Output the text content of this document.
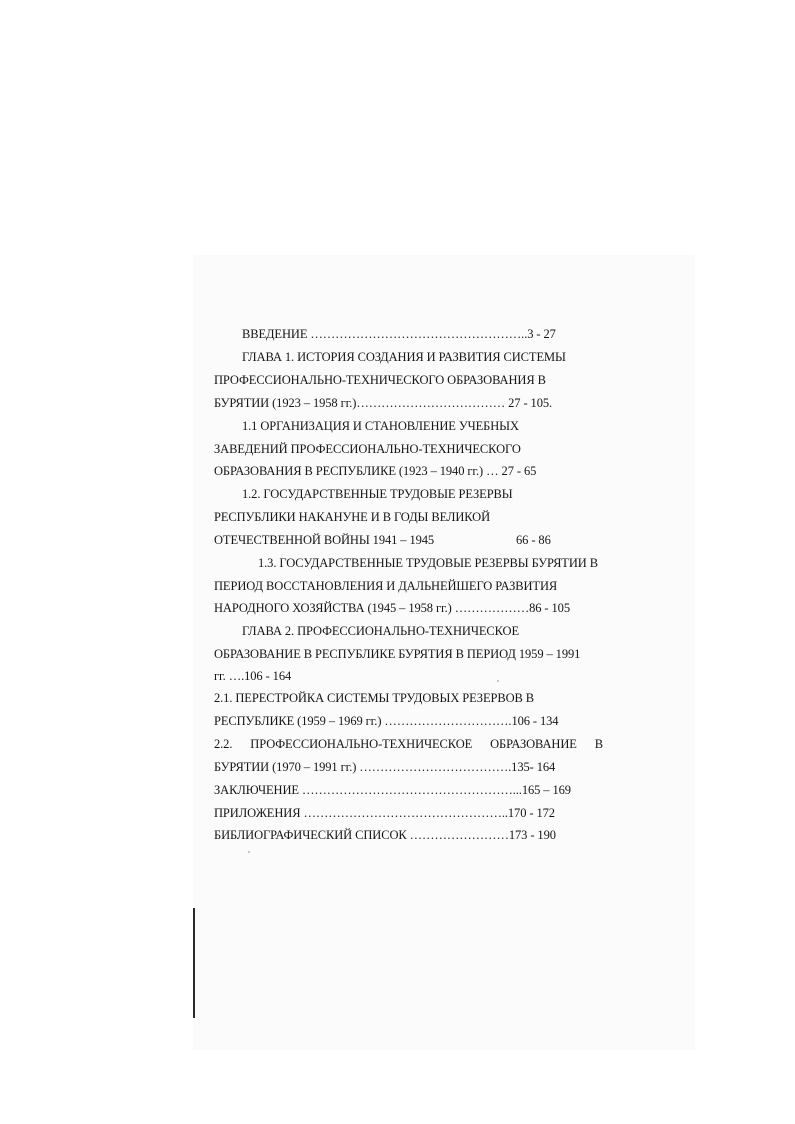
ВВЕДЕНИЕ ……………………………………………..3 - 27
ГЛАВА 1. ИСТОРИЯ СОЗДАНИЯ И РАЗВИТИЯ СИСТЕМЫ
ПРОФЕССИОНАЛЬНО-ТЕХНИЧЕСКОГО ОБРАЗОВАНИЯ В
БУРЯТИИ (1923 – 1958 гг.)……………………………… 27 - 105.
1.1 ОРГАНИЗАЦИЯ И СТАНОВЛЕНИЕ УЧЕБНЫХ
ЗАВЕДЕНИЙ ПРОФЕССИОНАЛЬНО-ТЕХНИЧЕСКОГО
ОБРАЗОВАНИЯ В РЕСПУБЛИКЕ (1923 – 1940 гг.) … 27 - 65
1.2. ГОСУДАРСТВЕННЫЕ ТРУДОВЫЕ РЕЗЕРВЫ
РЕСПУБЛИКИ НАКАНУНЕ И В ГОДЫ ВЕЛИКОЙ
ОТЕЧЕСТВЕННОЙ ВОЙНЫ 1941 – 1945	66 - 86
1.3. ГОСУДАРСТВЕННЫЕ ТРУДОВЫЕ РЕЗЕРВЫ БУРЯТИИ В
ПЕРИОД ВОССТАНОВЛЕНИЯ И ДАЛЬНЕЙШЕГО РАЗВИТИЯ
НАРОДНОГО ХОЗЯЙСТВА (1945 – 1958 гг.) ………………86 - 105
ГЛАВА 2. ПРОФЕССИОНАЛЬНО-ТЕХНИЧЕСКОЕ
ОБРАЗОВАНИЕ В РЕСПУБЛИКЕ БУРЯТИЯ В ПЕРИОД 1959 – 1991
гг. ….106 - 164
2.1. ПЕРЕСТРОЙКА СИСТЕМЫ ТРУДОВЫХ РЕЗЕРВОВ В
РЕСПУБЛИКЕ (1959 – 1969 гг.) ………………………….106 - 134
2.2. ПРОФЕССИОНАЛЬНО-ТЕХНИЧЕСКОЕ ОБРАЗОВАНИЕ В
БУРЯТИИ (1970 – 1991 гг.) ……………………………….135- 164
ЗАКЛЮЧЕНИЕ ……………………………………………...165 – 169
ПРИЛОЖЕНИЯ …………………………………………..170 - 172
БИБЛИОГРАФИЧЕСКИЙ СПИСОК ……………………173 - 190
